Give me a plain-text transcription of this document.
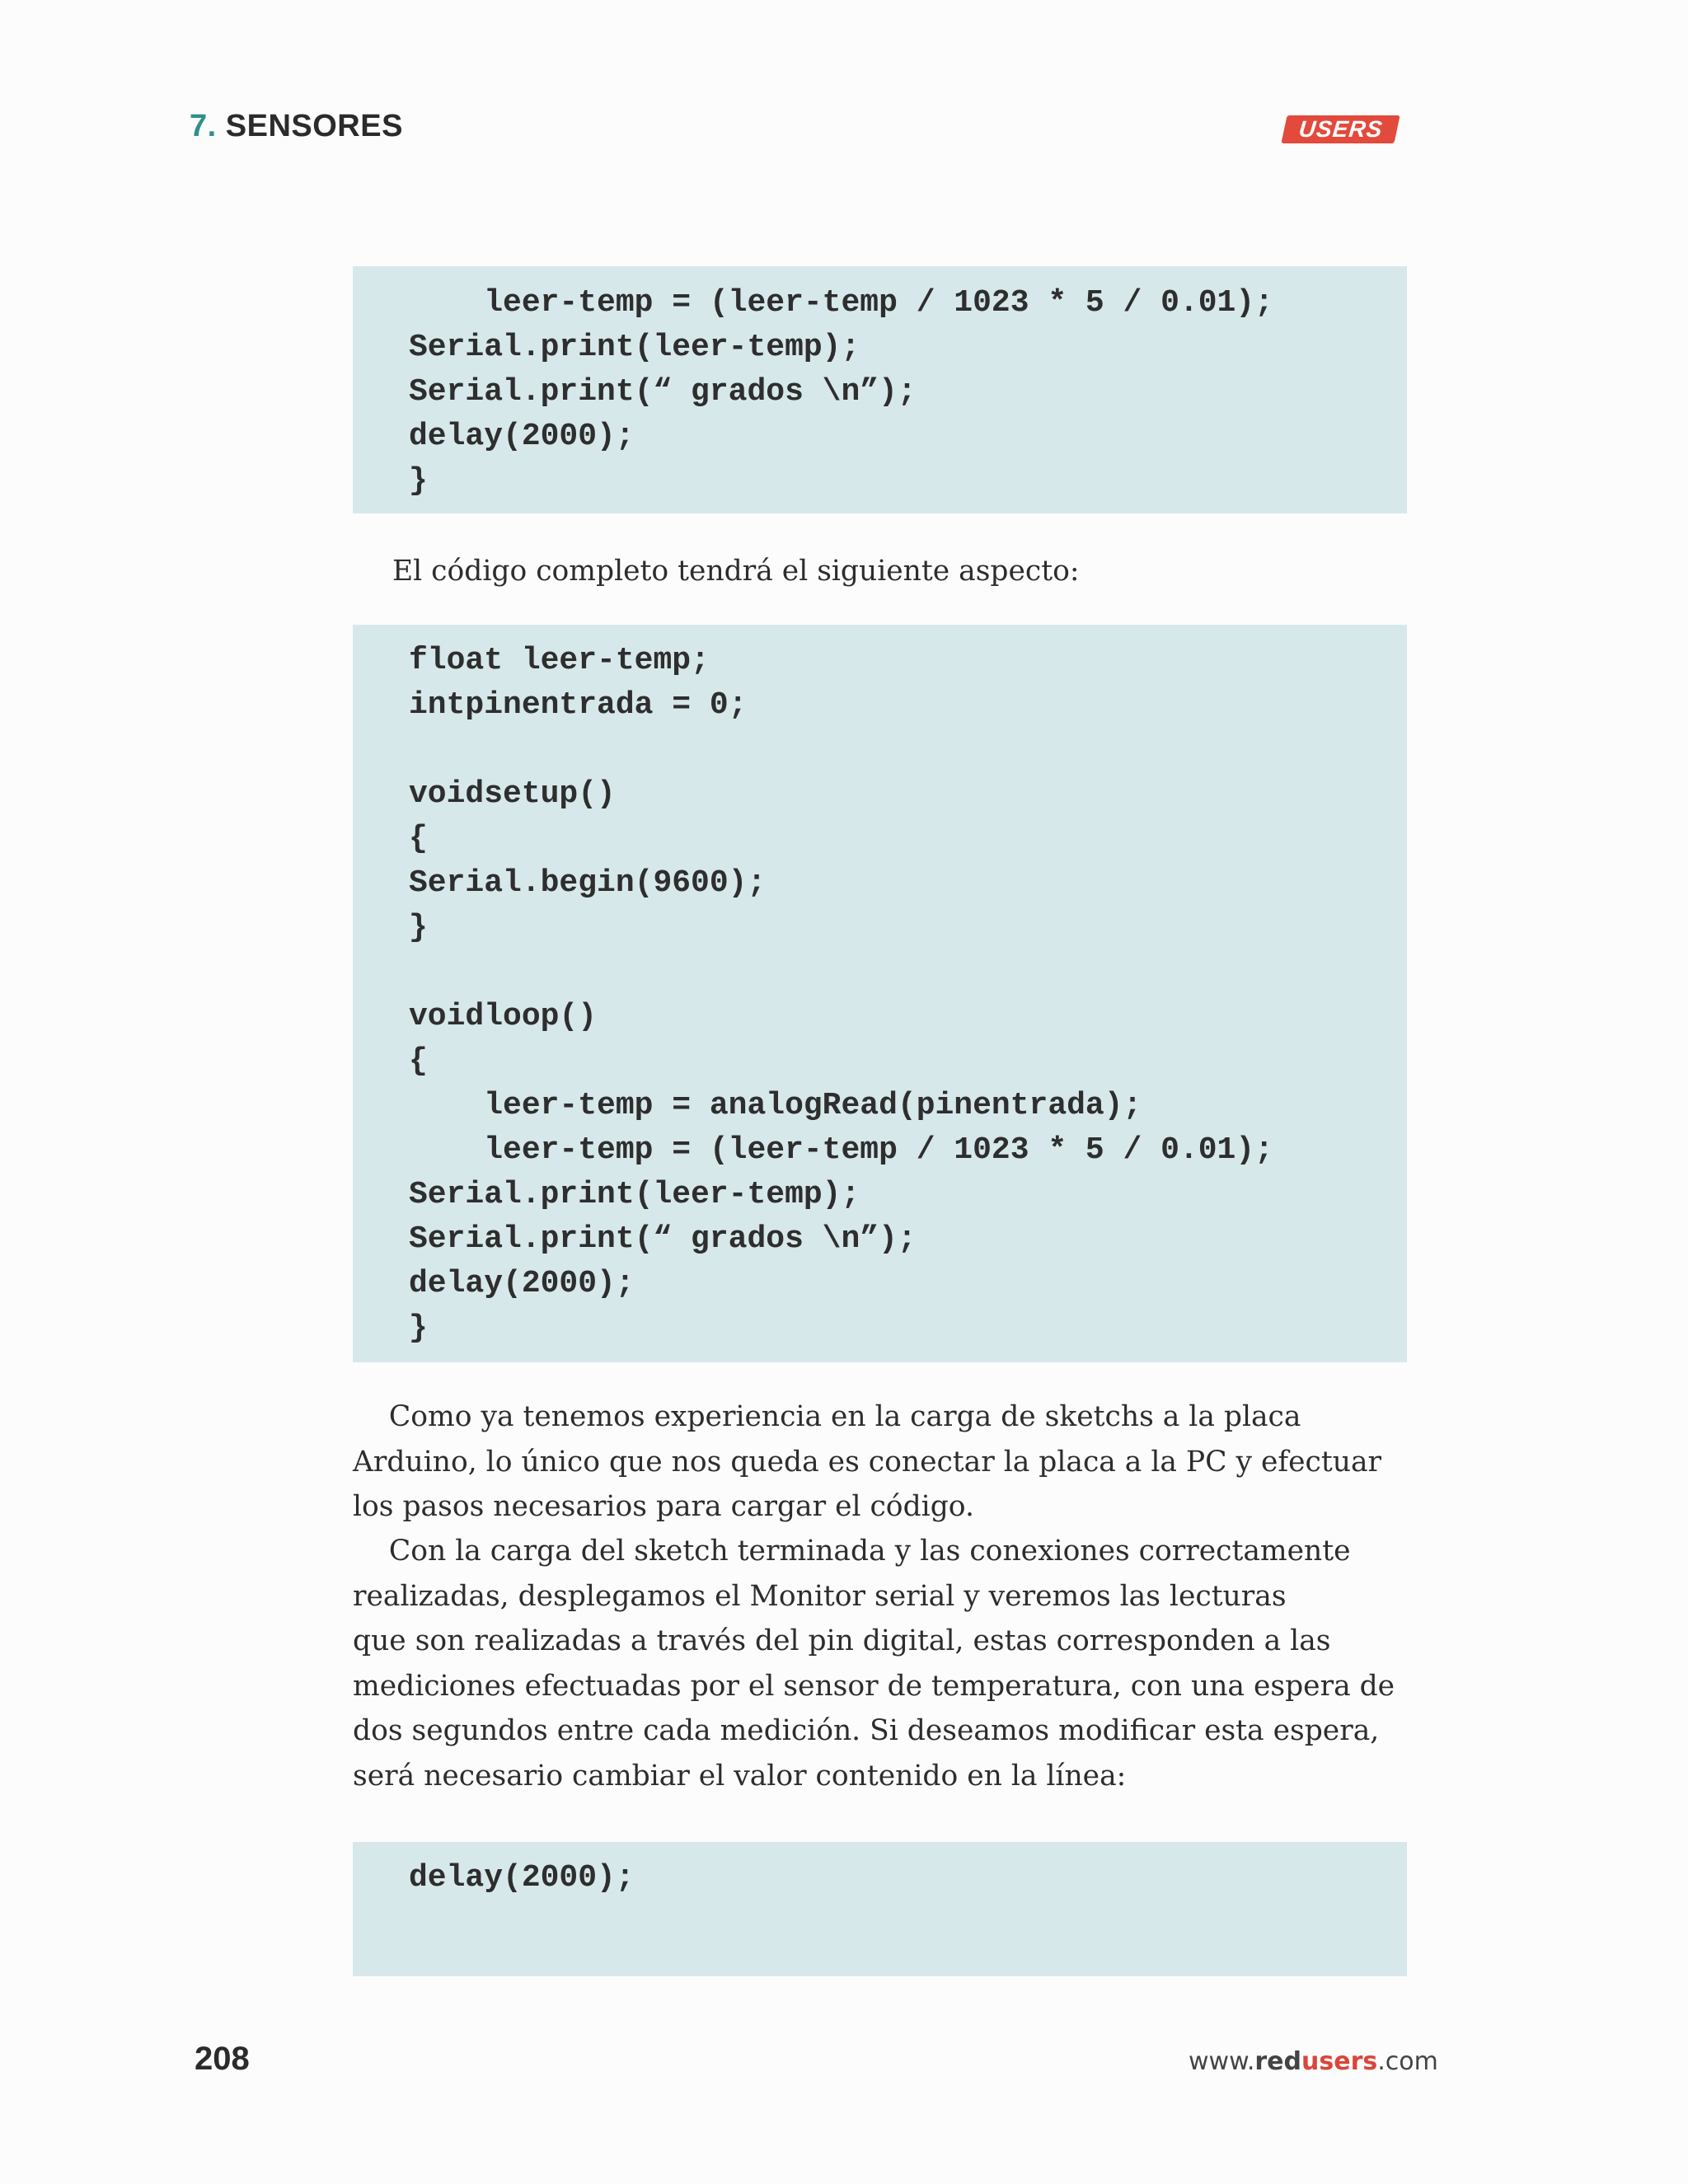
7. SENSORES	USERS
leer-temp = (leer-temp / 1023 * 5 / 0.01);
Serial.print(leer-temp);
Serial.print(“ grados \n”);
delay(2000);
}
El código completo tendrá el siguiente aspecto:
float leer-temp;
intpinentrada = 0;
voidsetup()
{
Serial.begin(9600);
}
voidloop()
{
leer-temp = analogRead(pinentrada);
leer-temp = (leer-temp / 1023 * 5 / 0.01);
Serial.print(leer-temp);
Serial.print(“ grados \n”);
delay(2000);
}
Como ya tenemos experiencia en la carga de sketchs a la placa
Arduino, lo único que nos queda es conectar la placa a la PC y efectuar
los pasos necesarios para cargar el código.
Con la carga del sketch terminada y las conexiones correctamente
realizadas, desplegamos el Monitor serial y veremos las lecturas
que son realizadas a través del pin digital, estas corresponden a las
mediciones efectuadas por el sensor de temperatura, con una espera de
dos segundos entre cada medición. Si deseamos modificar esta espera,
será necesario cambiar el valor contenido en la línea:
delay(2000);
208	www.redusers.com
